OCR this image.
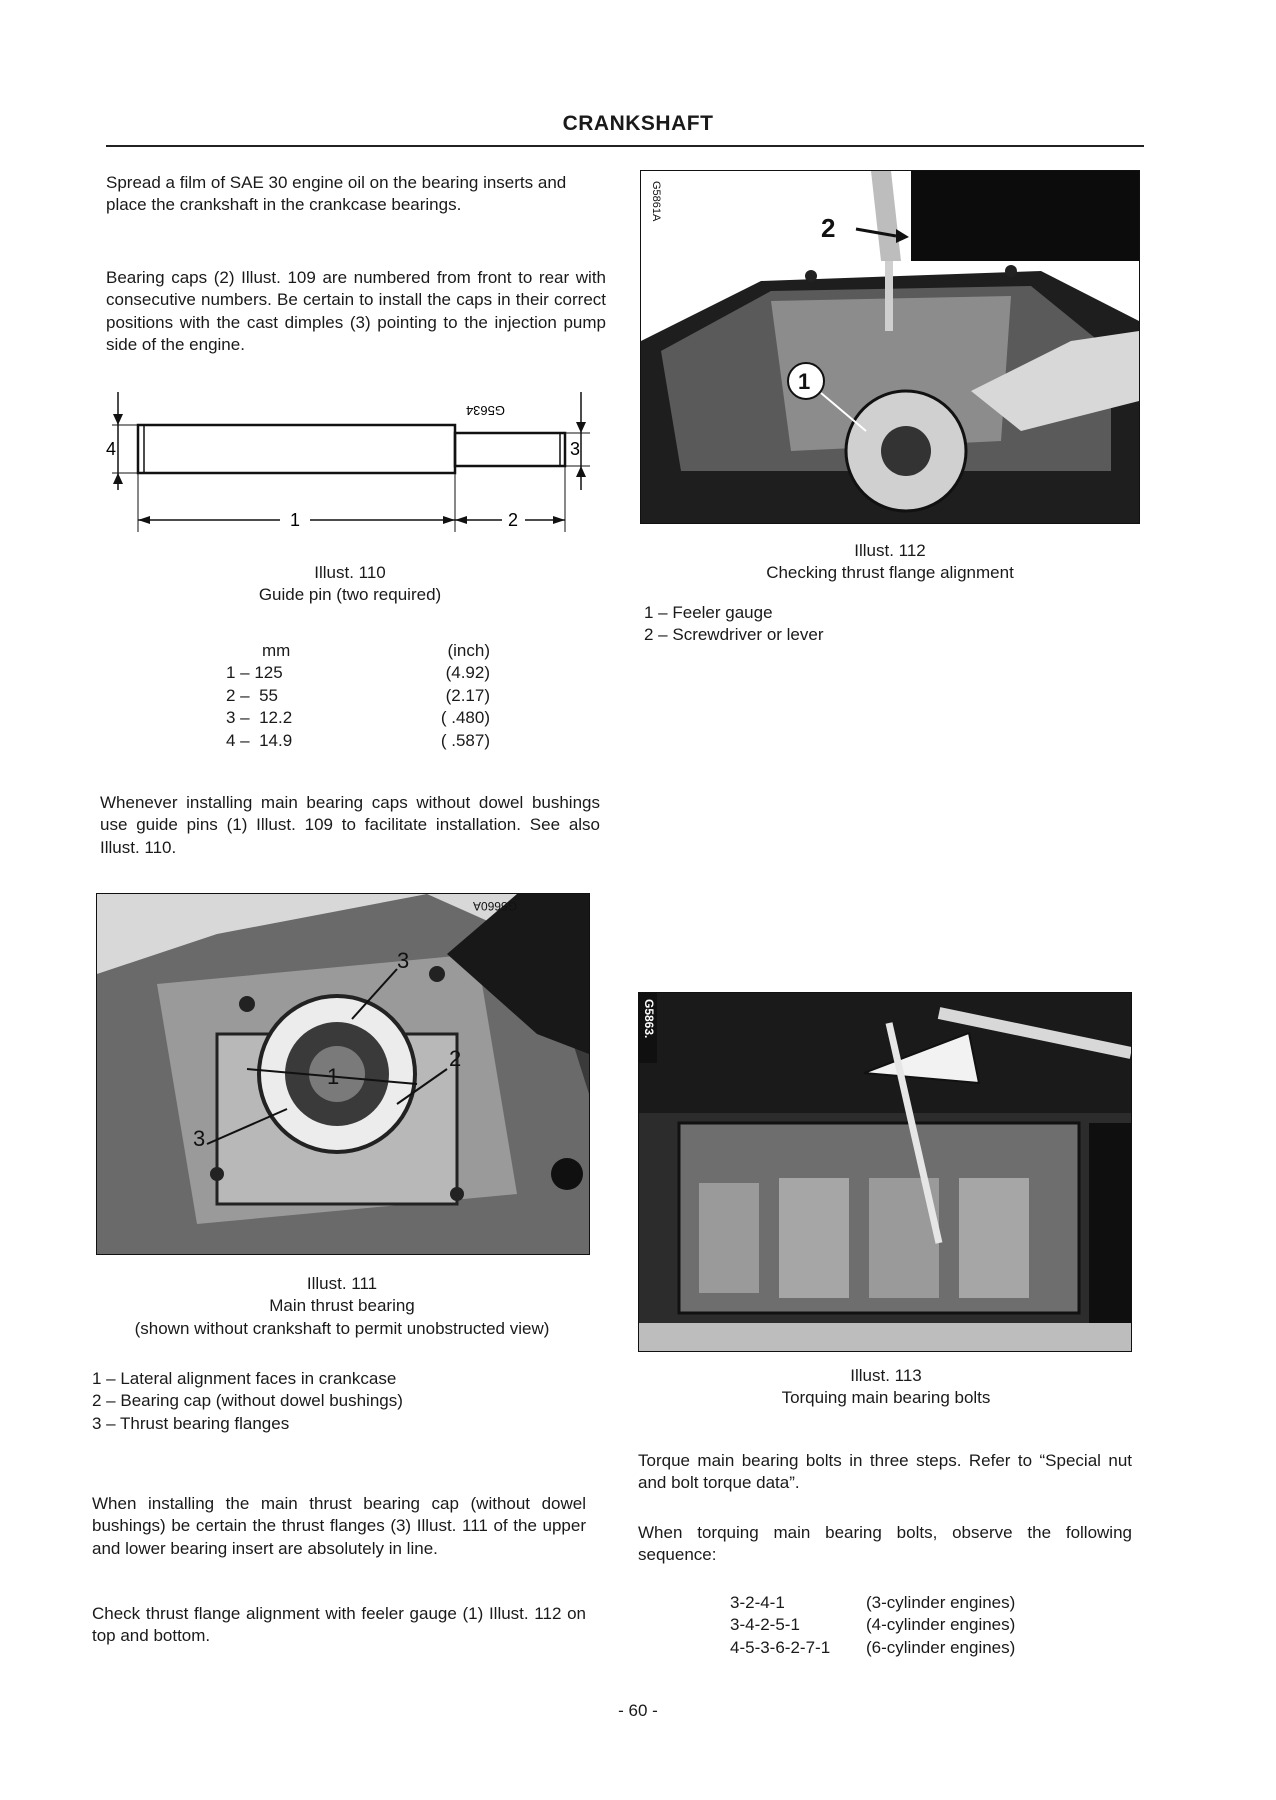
CRANKSHAFT

Spread a film of SAE 30 engine oil on the bearing inserts and place the crankshaft in the crankcase bearings.

Bearing caps (2) Illust. 109 are numbered from front to rear with consecutive numbers. Be certain to install the caps in their correct positions with the cast dimples (3) pointing to the injection pump side of the engine.

4	3
G5634
1	2
Illust. 110
Guide pin (two required)
mm	(inch)
1 – 125	(4.92)
2 –  55	(2.17)
3 –  12.2	( .480)
4 –  14.9	( .587)

Whenever installing main bearing caps without dowel bushings use guide pins (1) Illust. 109 to facilitate installation. See also Illust. 110.

3
1
2
3
G5660A
Illust. 111
Main thrust bearing
(shown without crankshaft to permit unobstructed view)
1 – Lateral alignment faces in crankcase
2 – Bearing cap (without dowel bushings)
3 – Thrust bearing flanges

When installing the main thrust bearing cap (without dowel bushings) be certain the thrust flanges (3) Illust. 111 of the upper and lower bearing insert are absolutely in line.

Check thrust flange alignment with feeler gauge (1) Illust. 112 on top and bottom.

2
1
G5861A
Illust. 112
Checking thrust flange alignment
1 – Feeler gauge
2 – Screwdriver or lever
G5863.
Illust. 113
Torquing main bearing bolts

Torque main bearing bolts in three steps. Refer to “Special nut and bolt torque data”.

When torquing main bearing bolts, observe the following sequence:

3-2-4-1	(3-cylinder engines)
3-4-2-5-1	(4-cylinder engines)
4-5-3-6-2-7-1	(6-cylinder engines)
- 60 -
